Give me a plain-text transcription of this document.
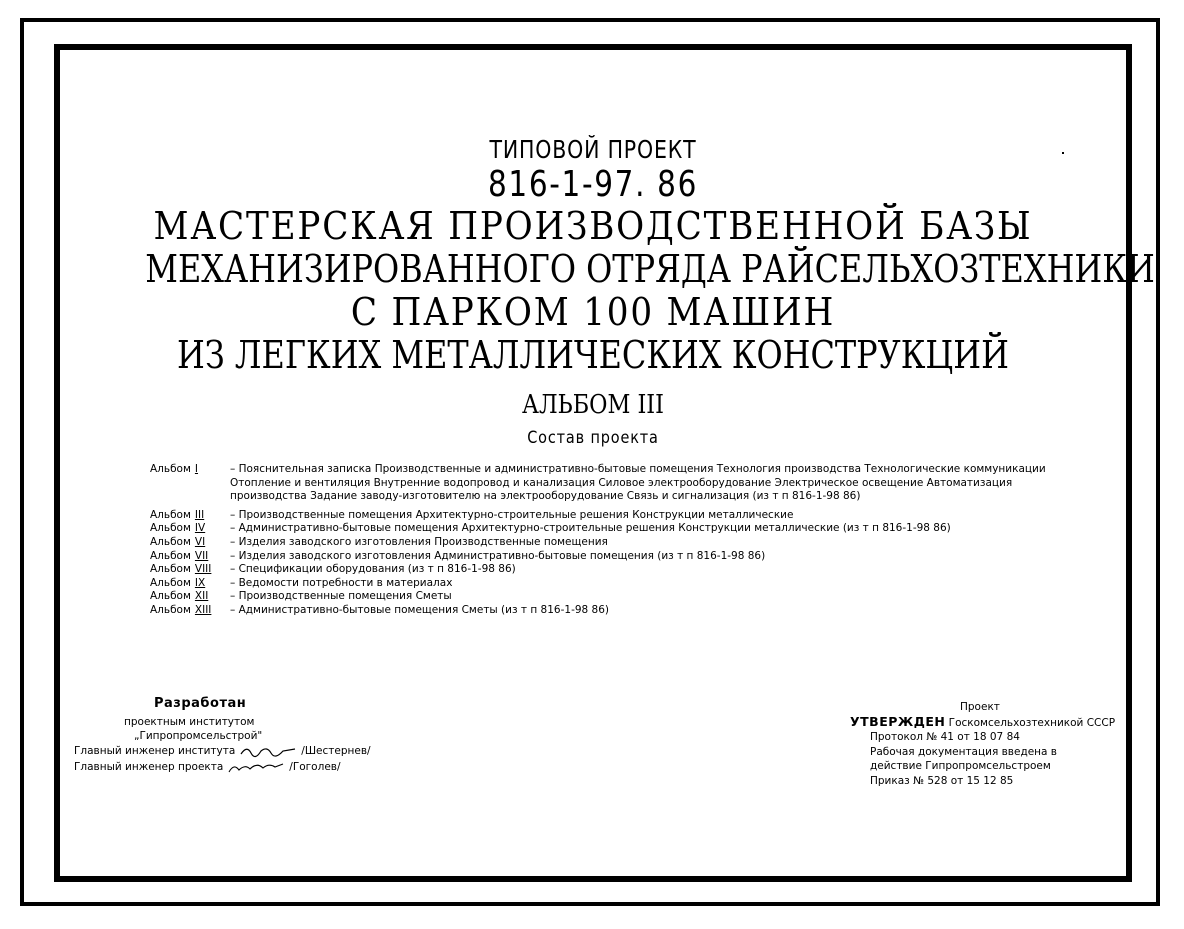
ТИПОВОЙ ПРОЕКТ
816-1-97. 86
МАСТЕРСКАЯ ПРОИЗВОДСТВЕННОЙ БАЗЫ
МЕХАНИЗИРОВАННОГО ОТРЯДА РАЙСЕЛЬХОЗТЕХНИКИ
С ПАРКОМ 100 МАШИН
ИЗ ЛЕГКИХ МЕТАЛЛИЧЕСКИХ КОНСТРУКЦИЙ
АЛЬБОМ III
Состав проекта
Альбом I	– Пояснительная записка Производственные и административно-бытовые помещения Технология производства Технологические коммуникации Отопление и вентиляция Внутренние водопровод и канализация Силовое электрооборудование Электрическое освещение Автоматизация производства Задание заводу-изготовителю на электрооборудование Связь и сигнализация (из т п 816-1-98 86)
Альбом III	– Производственные помещения Архитектурно-строительные решения Конструкции металлические
Альбом IV	– Административно-бытовые помещения Архитектурно-строительные решения Конструкции металлические (из т п 816-1-98 86)
Альбом VI	– Изделия заводского изготовления Производственные помещения
Альбом VII	– Изделия заводского изготовления Административно-бытовые помещения (из т п 816-1-98 86)
Альбом VIII	– Спецификации оборудования (из т п 816-1-98 86)
Альбом IX	– Ведомости потребности в материалах
Альбом XII	– Производственные помещения Сметы
Альбом XIII	– Административно-бытовые помещения Сметы (из т п 816-1-98 86)
Разработан
проектным институтом
„Гипропромсельстрой"
Главный инженер института	/Шестернев/
Главный инженер проекта	/Гоголев/
Проект
УТВЕРЖДЕН Госкомсельхозтехникой СССР
Протокол № 41 от 18 07 84
Рабочая документация введена в
действие Гипропромсельстроем
Приказ № 528 от 15 12 85
